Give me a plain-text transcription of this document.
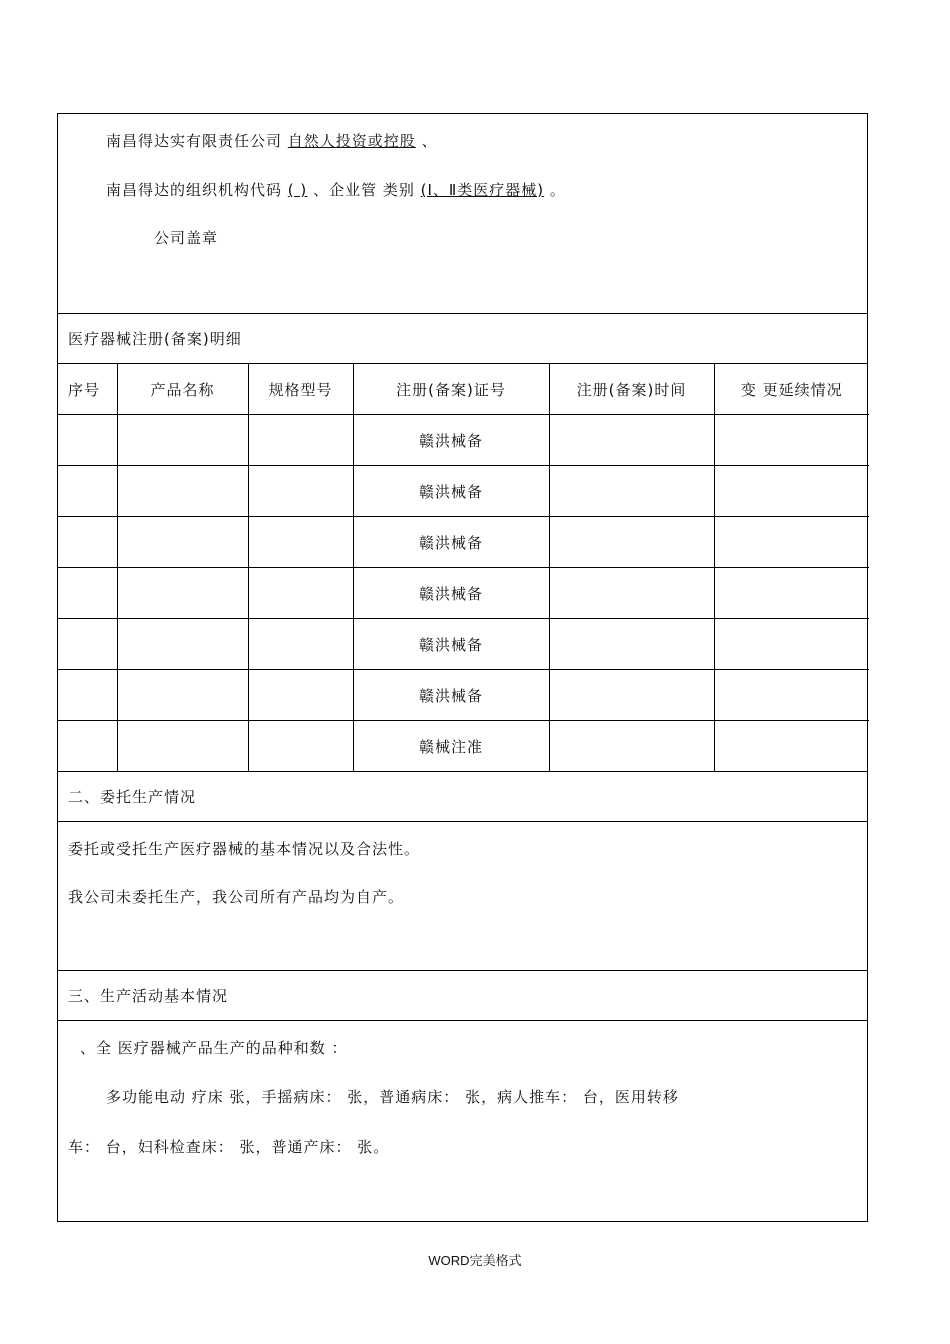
南昌得达实有限责任公司 自然人投资或控股 、
南昌得达的组织机构代码 ( ) 、企业管 类别 (Ⅰ、Ⅱ类医疗器械) 。
公司盖章
医疗器械注册(备案)明细
序号	产品名称	规格型号	注册(备案)证号	注册(备案)时间	变 更延续情况
			赣洪械备		
			赣洪械备		
			赣洪械备		
			赣洪械备		
			赣洪械备		
			赣洪械备		
			赣械注准		
二、委托生产情况
委托或受托生产医疗器械的基本情况以及合法性。
我公司未委托生产，我公司所有产品均为自产。
三、生产活动基本情况
、全 医疗器械产品生产的品种和数 ：
多功能电动 疗床 张，手摇病床： 张，普通病床： 张，病人推车： 台，医用转移
车： 台，妇科检查床： 张，普通产床： 张。
WORD完美格式
